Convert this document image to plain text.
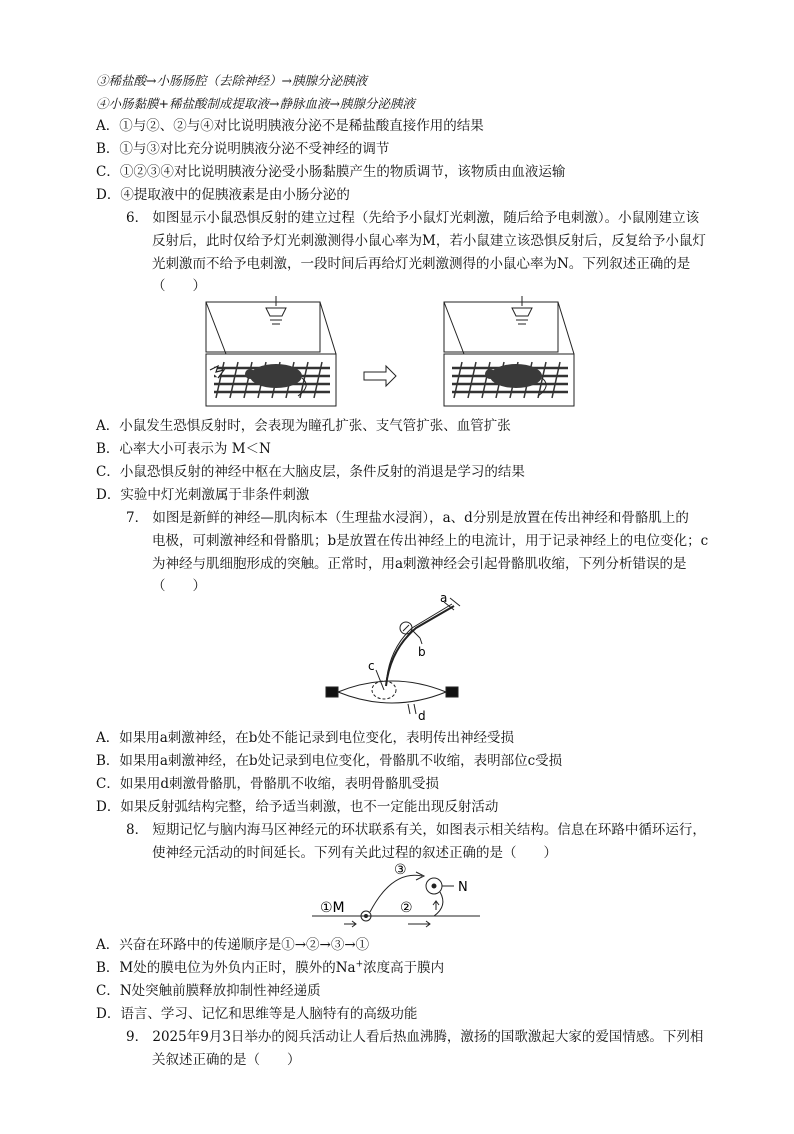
③稀盐酸→小肠肠腔（去除神经）→胰腺分泌胰液
④小肠黏膜+稀盐酸制成提取液→静脉血液→胰腺分泌胰液
A．①与②、②与④对比说明胰液分泌不是稀盐酸直接作用的结果
B．①与③对比充分说明胰液分泌不受神经的调节
C．①②③④对比说明胰液分泌受小肠黏膜产生的物质调节，该物质由血液运输
D．④提取液中的促胰液素是由小肠分泌的
6． 如图显示小鼠恐惧反射的建立过程（先给予小鼠灯光刺激，随后给予电刺激）。小鼠刚建立该
反射后，此时仅给予灯光刺激测得小鼠心率为M，若小鼠建立该恐惧反射后，反复给予小鼠灯
光刺激而不给予电刺激，一段时间后再给灯光刺激测得的小鼠心率为N。下列叙述正确的是
（　　）
A．小鼠发生恐惧反射时，会表现为瞳孔扩张、支气管扩张、血管扩张
B．心率大小可表示为 M＜N
C．小鼠恐惧反射的神经中枢在大脑皮层，条件反射的消退是学习的结果
D．实验中灯光刺激属于非条件刺激
7． 如图是新鲜的神经—肌肉标本（生理盐水浸润），a、d分别是放置在传出神经和骨骼肌上的
电极，可刺激神经和骨骼肌；b是放置在传出神经上的电流计，用于记录神经上的电位变化；c
为神经与肌细胞形成的突触。正常时，用a刺激神经会引起骨骼肌收缩，下列分析错误的是
（　　）
a
b
c
d
A．如果用a刺激神经，在b处不能记录到电位变化，表明传出神经受损
B．如果用a刺激神经，在b处记录到电位变化，骨骼肌不收缩，表明部位c受损
C．如果用d刺激骨骼肌，骨骼肌不收缩，表明骨骼肌受损
D．如果反射弧结构完整，给予适当刺激，也不一定能出现反射活动
8． 短期记忆与脑内海马区神经元的环状联系有关，如图表示相关结构。信息在环路中循环运行，
使神经元活动的时间延长。下列有关此过程的叙述正确的是（　　）
①M	②
③
N
A．兴奋在环路中的传递顺序是①→②→③→①
B．M处的膜电位为外负内正时，膜外的Na+浓度高于膜内
C．N处突触前膜释放抑制性神经递质
D．语言、学习、记忆和思维等是人脑特有的高级功能
9． 2025年9月3日举办的阅兵活动让人看后热血沸腾，激扬的国歌激起大家的爱国情感。下列相
关叙述正确的是（　　）
